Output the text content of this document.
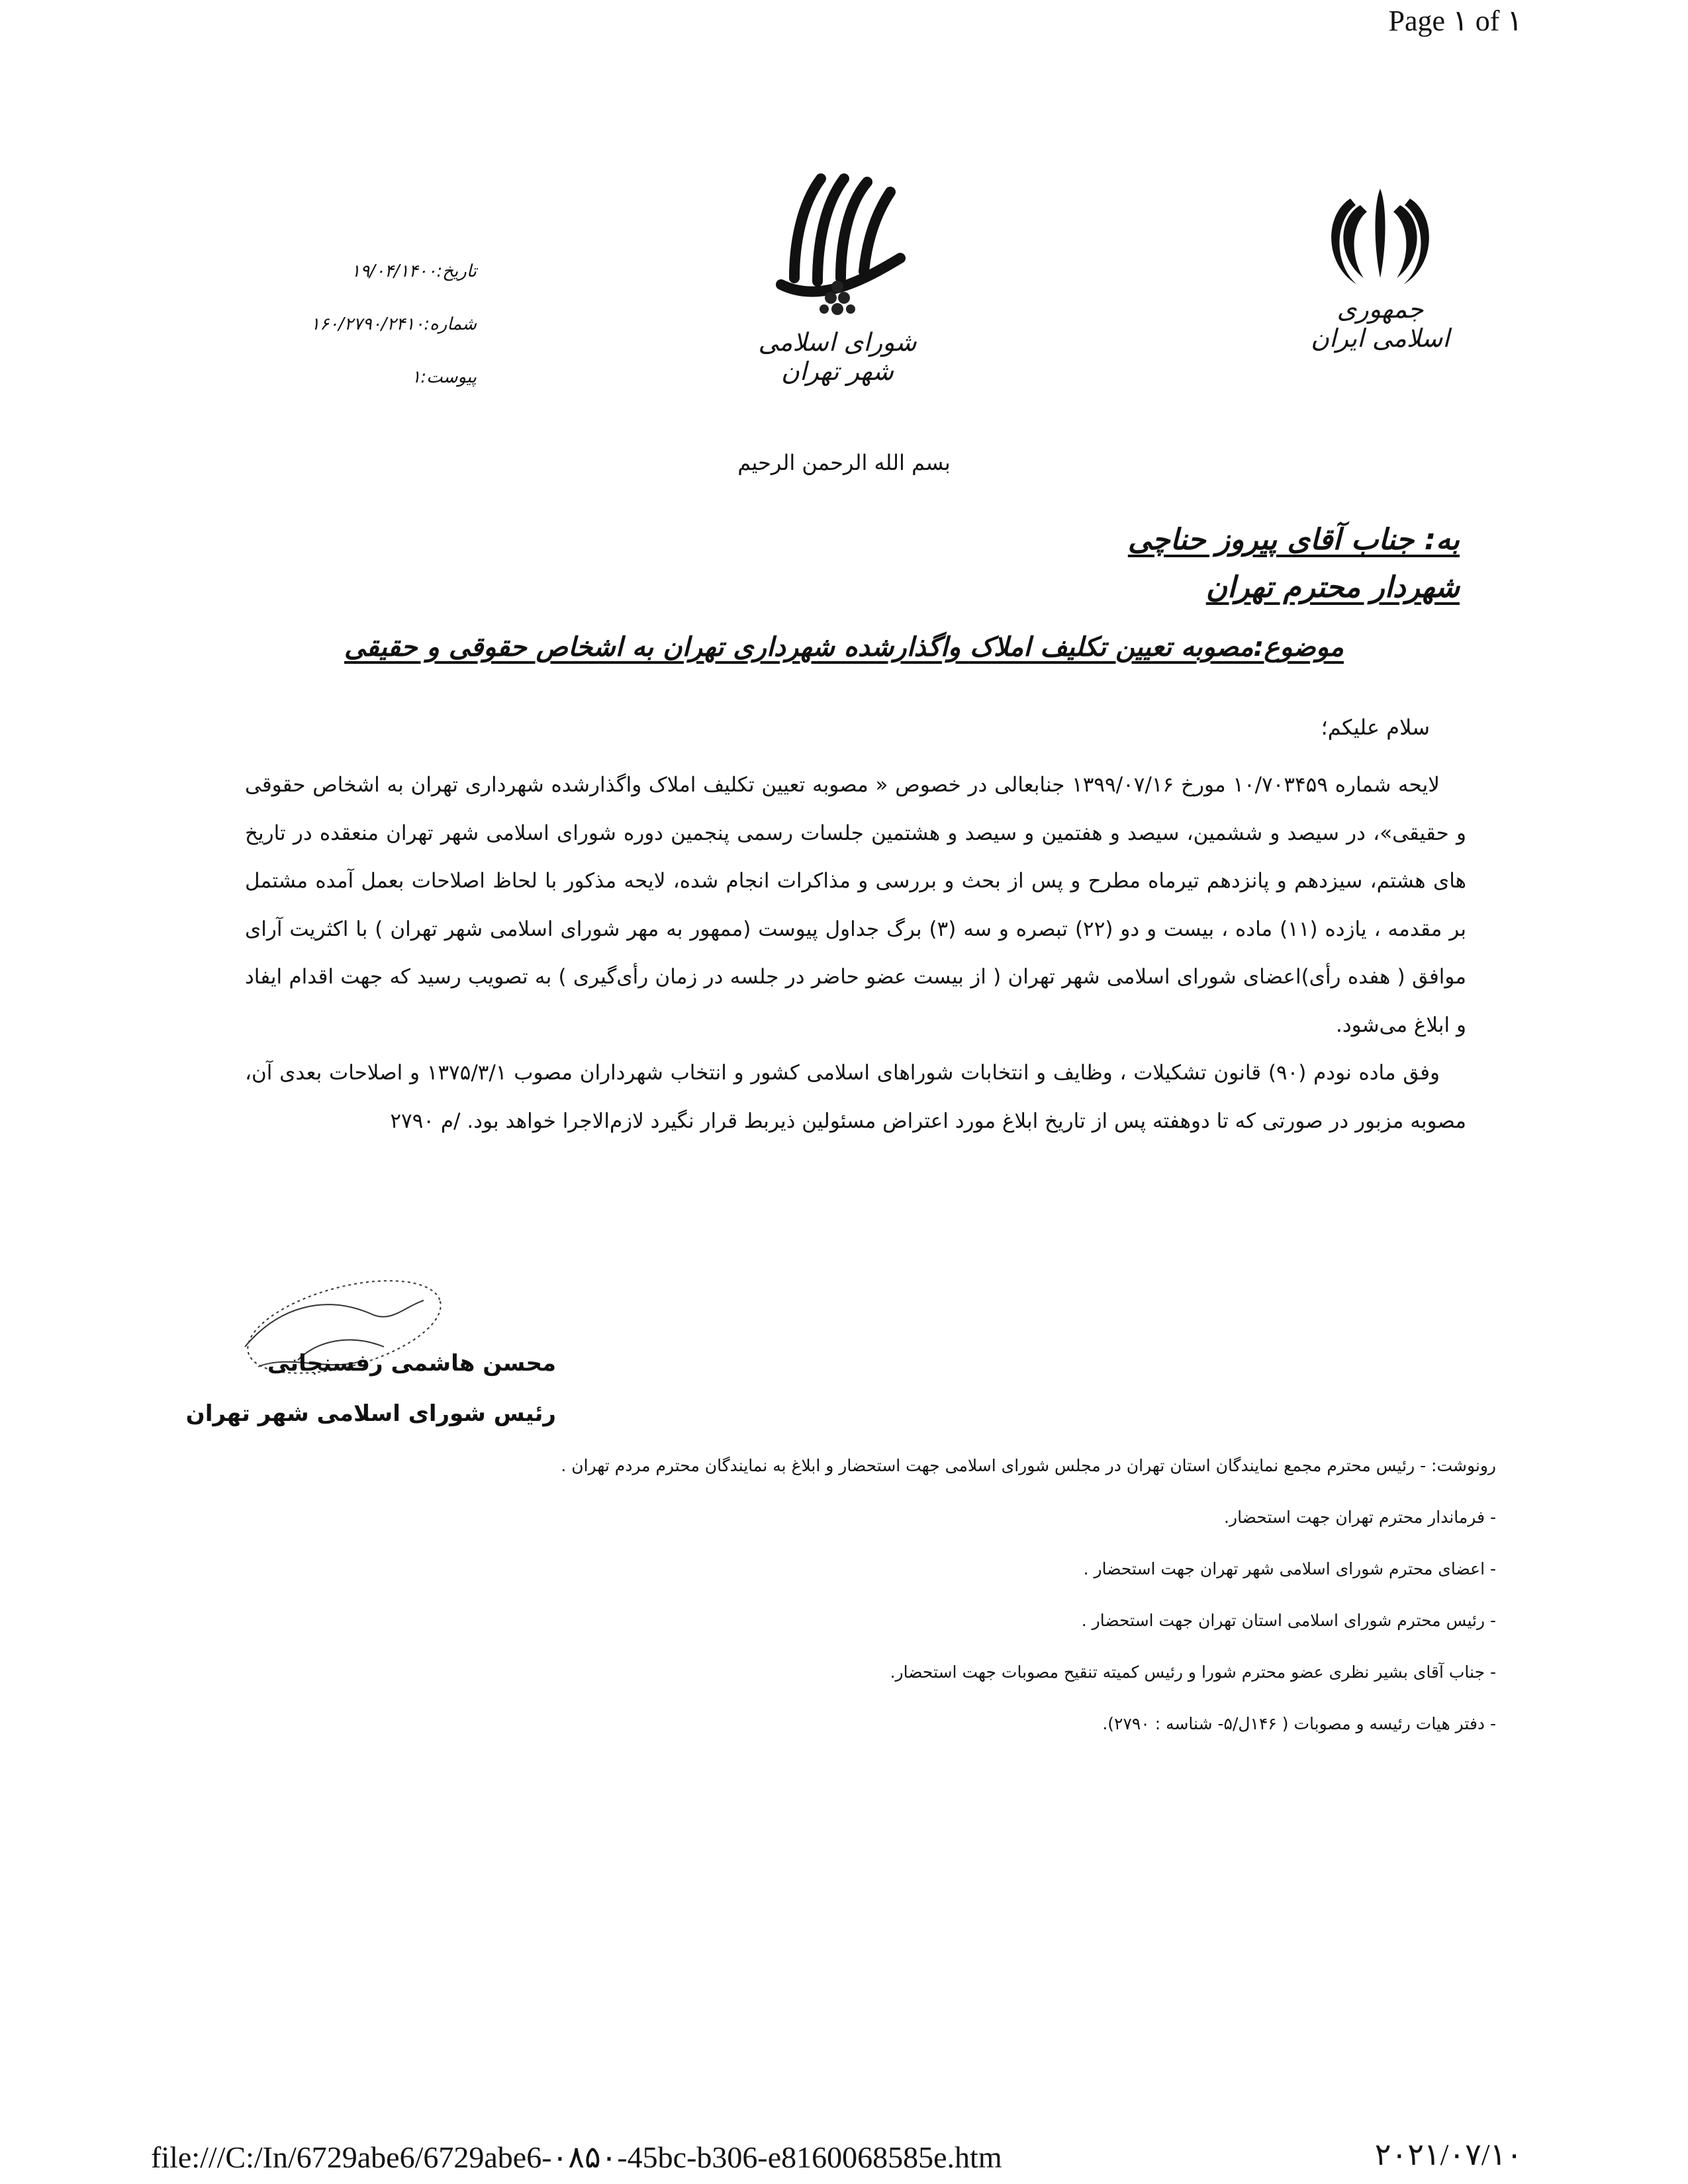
Page ۱ of ۱
شورای اسلامی شهر تهران
جمهوری اسلامی ایران
تاریخ:۱۹/۰۴/۱۴۰۰
شماره:۱۶۰/۲۷۹۰/۲۴۱۰
پیوست:۱
بسم الله الرحمن الرحیم
به: جناب آقای پیروز حناچی
شهردار محترم تهران
موضوع:مصوبه تعیین تکلیف املاک واگذارشده شهرداری تهران به اشخاص حقوقی و حقیقی
سلام علیکم؛

لایحه شماره ۱۰/۷۰۳۴۵۹ مورخ ۱۳۹۹/۰۷/۱۶ جنابعالی در خصوص « مصوبه تعیین تکلیف املاک واگذارشده شهرداری تهران به اشخاص حقوقی و حقیقی»، در سیصد و ششمین، سیصد و هفتمین و سیصد و هشتمین جلسات رسمی پنجمین دوره شورای اسلامی شهر تهران منعقده در تاریخ های هشتم، سیزدهم و پانزدهم تیرماه مطرح و پس از بحث و بررسی و مذاکرات انجام شده، لایحه مذکور با لحاظ اصلاحات بعمل آمده مشتمل بر مقدمه ، یازده (۱۱) ماده ، بیست و دو (۲۲) تبصره و سه (۳) برگ جداول پیوست (ممهور به مهر شورای اسلامی شهر تهران ) با اکثریت آرای موافق ( هفده رأی)اعضای شورای اسلامی شهر تهران ( از بیست عضو حاضر در جلسه در زمان رأی‌گیری ) به تصویب رسید که جهت اقدام ایفاد و ابلاغ می‌شود.

وفق ماده نودم (۹۰) قانون تشکیلات ، وظایف و انتخابات شوراهای اسلامی کشور و انتخاب شهرداران مصوب ۱۳۷۵/۳/۱ و اصلاحات بعدی آن، مصوبه مزبور در صورتی که تا دوهفته پس از تاریخ ابلاغ مورد اعتراض مسئولین ذیربط قرار نگیرد لازم‌الاجرا خواهد بود. /م ۲۷۹۰

محسن هاشمی رفسنجانی
رئیس شورای اسلامی شهر تهران
رونوشت: - رئیس محترم مجمع نمایندگان استان تهران در مجلس شورای اسلامی جهت استحضار و ابلاغ به نمایندگان محترم مردم تهران .
- فرماندار محترم تهران جهت استحضار.
- اعضای محترم شورای اسلامی شهر تهران جهت استحضار .
- رئیس محترم شورای اسلامی استان تهران جهت استحضار .
- جناب آقای بشیر نظری عضو محترم شورا و رئیس کمیته تنقیح مصوبات جهت استحضار.
- دفتر هیات رئیسه و مصوبات ( ۱۴۶ل/۵- شناسه : ۲۷۹۰).
file:///C:/In/6729abe6/6729abe6-۰۸۵۰-45bc-b306-e8160068585e.htm	۲۰۲۱/۰۷/۱۰
